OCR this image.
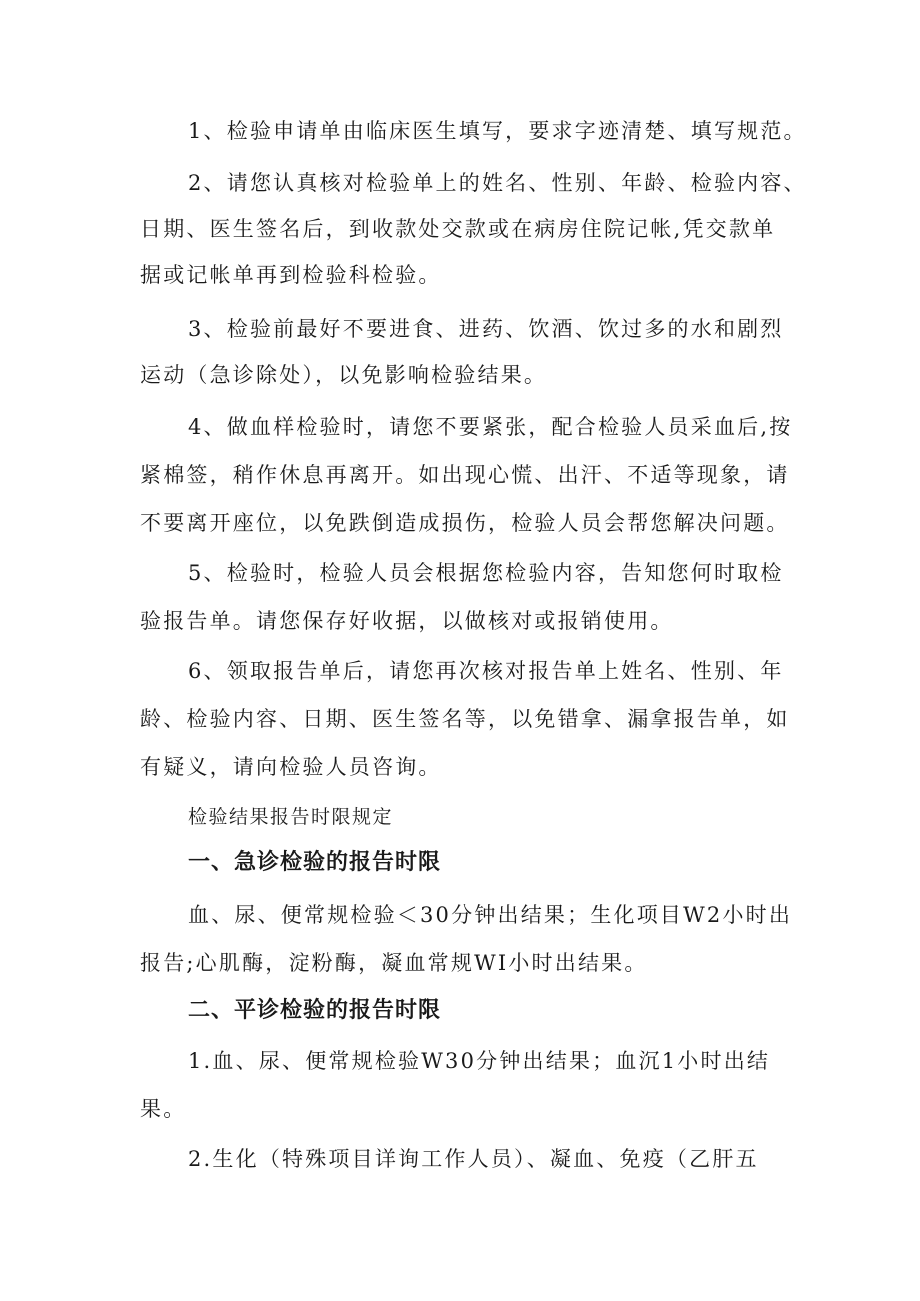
1、检验申请单由临床医生填写，要求字迹清楚、填写规范。
2、请您认真核对检验单上的姓名、性别、年龄、检验内容、
日期、医生签名后，到收款处交款或在病房住院记帐,凭交款单
据或记帐单再到检验科检验。
3、检验前最好不要进食、进药、饮酒、饮过多的水和剧烈
运动（急诊除处），以免影响检验结果。
4、做血样检验时，请您不要紧张，配合检验人员采血后,按
紧棉签，稍作休息再离开。如出现心慌、出汗、不适等现象，请
不要离开座位，以免跌倒造成损伤，检验人员会帮您解决问题。
5、检验时，检验人员会根据您检验内容，告知您何时取检
验报告单。请您保存好收据，以做核对或报销使用。
6、领取报告单后，请您再次核对报告单上姓名、性别、年
龄、检验内容、日期、医生签名等，以免错拿、漏拿报告单，如
有疑义，请向检验人员咨询。
检验结果报告时限规定
一、急诊检验的报告时限
血、尿、便常规检验＜30分钟出结果；生化项目W2小时出
报告;心肌酶，淀粉酶，凝血常规WI小时出结果。
二、平诊检验的报告时限
1.血、尿、便常规检验W30分钟出结果；血沉1小时出结
果。
2.生化（特殊项目详询工作人员）、凝血、免疫（乙肝五
